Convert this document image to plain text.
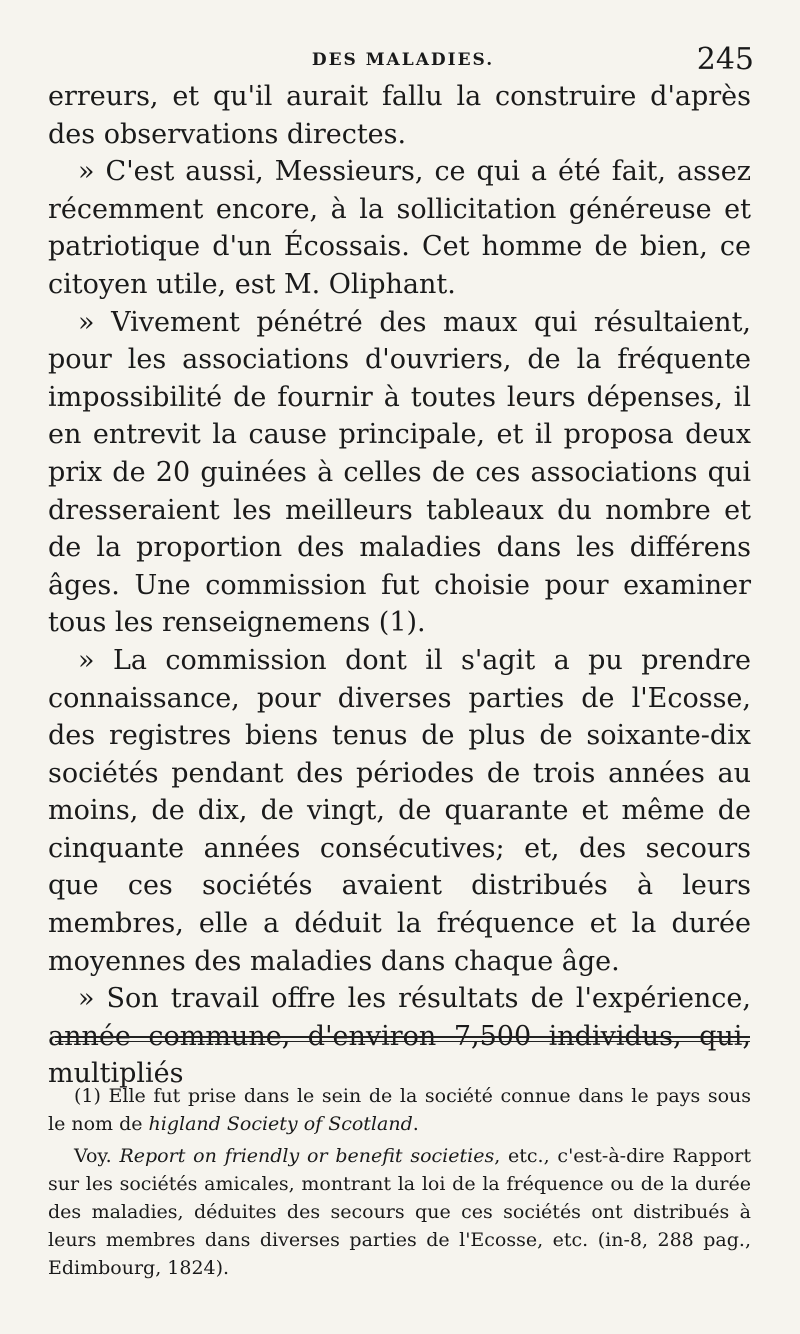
DES MALADIES.	245

erreurs, et qu'il aurait fallu la construire d'après des observations directes.

» C'est aussi, Messieurs, ce qui a été fait, assez récemment encore, à la sollicitation généreuse et patriotique d'un Écossais. Cet homme de bien, ce citoyen utile, est M. Oliphant.

» Vivement pénétré des maux qui résultaient, pour les associations d'ouvriers, de la fréquente impossibilité de fournir à toutes leurs dépenses, il en entrevit la cause principale, et il proposa deux prix de 20 guinées à celles de ces associations qui dresseraient les meilleurs tableaux du nombre et de la proportion des maladies dans les différens âges. Une commission fut choisie pour examiner tous les renseignemens (1).

» La commission dont il s'agit a pu prendre connaissance, pour diverses parties de l'Ecosse, des registres biens tenus de plus de soixante-dix sociétés pendant des périodes de trois années au moins, de dix, de vingt, de quarante et même de cinquante années consécutives; et, des secours que ces sociétés avaient distribués à leurs membres, elle a déduit la fréquence et la durée moyennes des maladies dans chaque âge.

» Son travail offre les résultats de l'expérience, année commune, d'environ 7,500 individus, qui, multipliés

(1) Elle fut prise dans le sein de la société connue dans le pays sous le nom de higland Society of Scotland.

Voy. Report on friendly or benefit societies, etc., c'est-à-dire Rapport sur les sociétés amicales, montrant la loi de la fréquence ou de la durée des maladies, déduites des secours que ces sociétés ont distribués à leurs membres dans diverses parties de l'Ecosse, etc. (in-8, 288 pag., Edimbourg, 1824).
